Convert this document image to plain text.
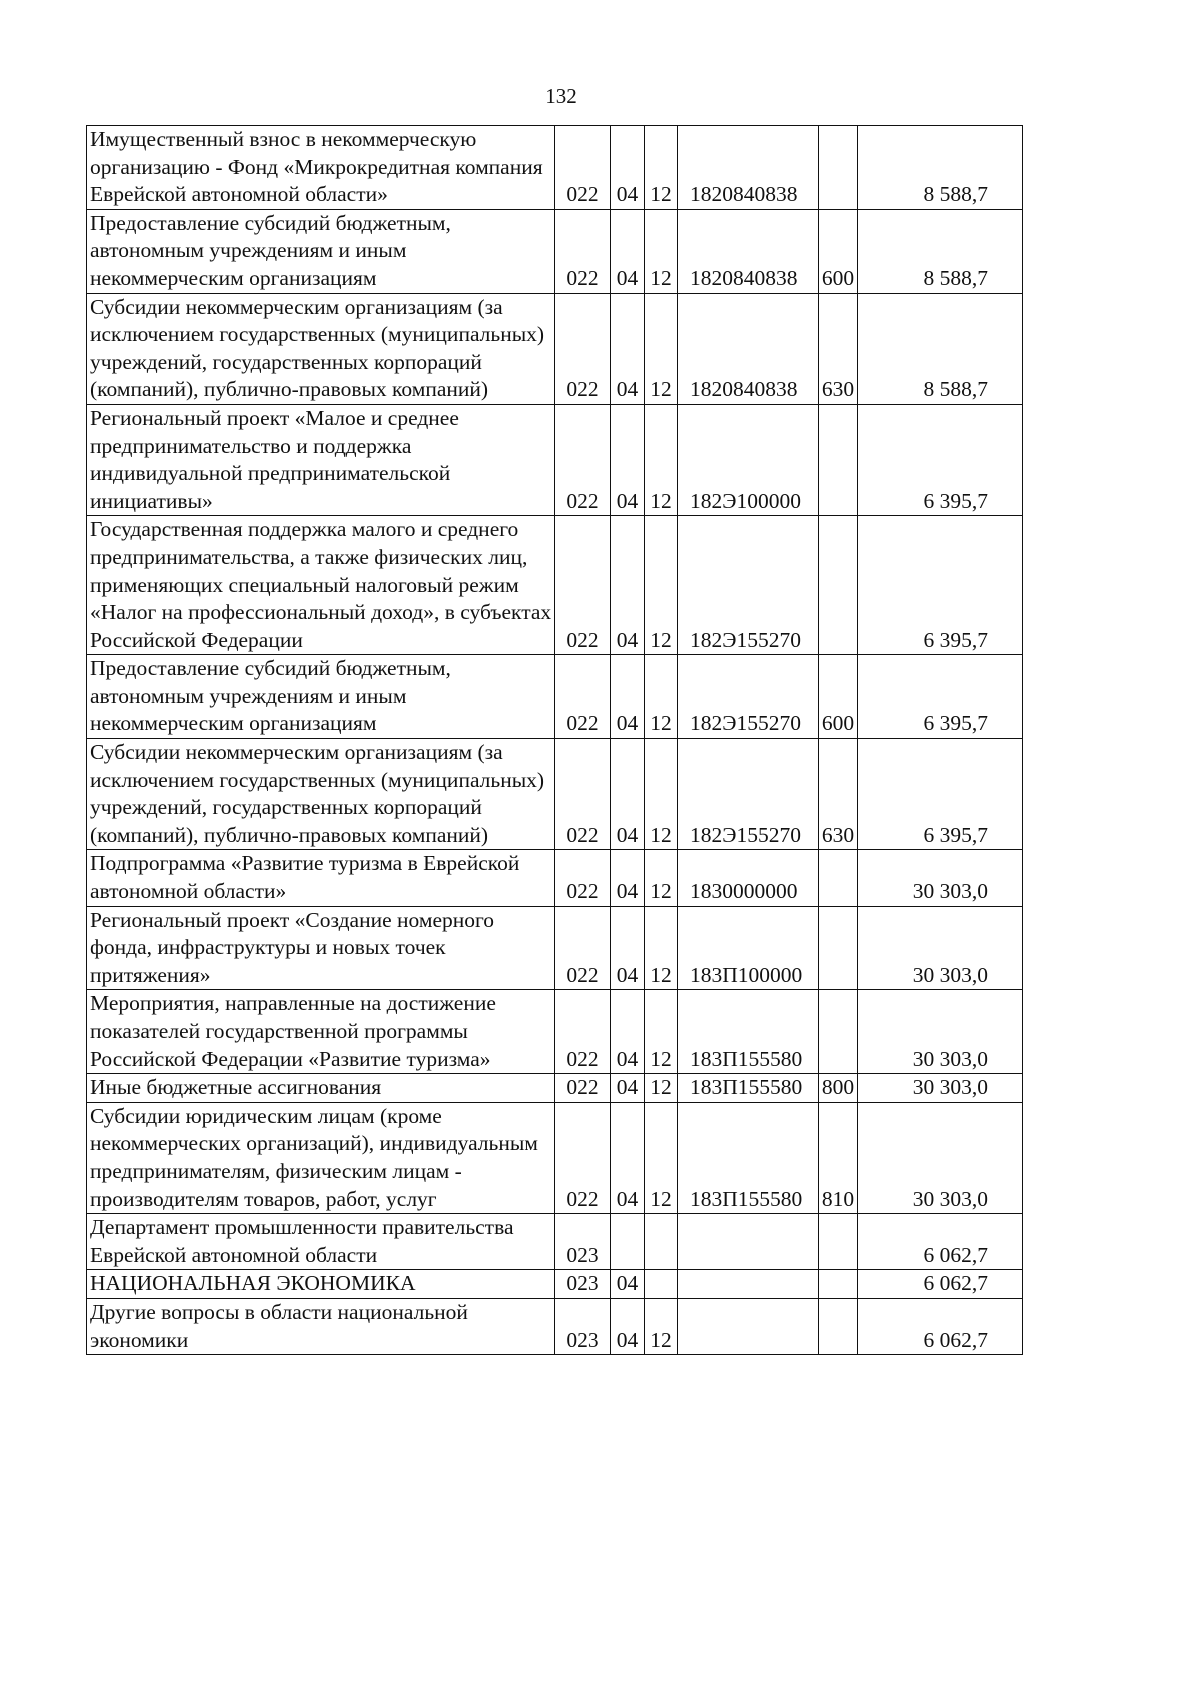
132
Имущественный взнос в некоммерческую организацию - Фонд «Микрокредитная компания Еврейской автономной области»	022	04	12	1820840838		8 588,7
Предоставление субсидий бюджетным, автономным учреждениям и иным некоммерческим организациям	022	04	12	1820840838	600	8 588,7
Субсидии некоммерческим организациям (за исключением государственных (муниципальных) учреждений, государственных корпораций (компаний), публично-правовых компаний)	022	04	12	1820840838	630	8 588,7
Региональный проект «Малое и среднее предпринимательство и поддержка индивидуальной предпринимательской инициативы»	022	04	12	182Э100000		6 395,7
Государственная поддержка малого и среднего предпринимательства, а также физических лиц, применяющих специальный налоговый режим «Налог на профессиональный доход», в субъектах Российской Федерации	022	04	12	182Э155270		6 395,7
Предоставление субсидий бюджетным, автономным учреждениям и иным некоммерческим организациям	022	04	12	182Э155270	600	6 395,7
Субсидии некоммерческим организациям (за исключением государственных (муниципальных) учреждений, государственных корпораций (компаний), публично-правовых компаний)	022	04	12	182Э155270	630	6 395,7
Подпрограмма «Развитие туризма в Еврейской автономной области»	022	04	12	1830000000		30 303,0
Региональный проект «Создание номерного фонда, инфраструктуры и новых точек притяжения»	022	04	12	183П100000		30 303,0
Мероприятия, направленные на достижение показателей государственной программы Российской Федерации «Развитие туризма»	022	04	12	183П155580		30 303,0
Иные бюджетные ассигнования	022	04	12	183П155580	800	30 303,0
Субсидии юридическим лицам (кроме некоммерческих организаций), индивидуальным предпринимателям, физическим лицам - производителям товаров, работ, услуг	022	04	12	183П155580	810	30 303,0
Департамент промышленности правительства Еврейской автономной области	023					6 062,7
НАЦИОНАЛЬНАЯ ЭКОНОМИКА	023	04				6 062,7
Другие вопросы в области национальной экономики	023	04	12			6 062,7
